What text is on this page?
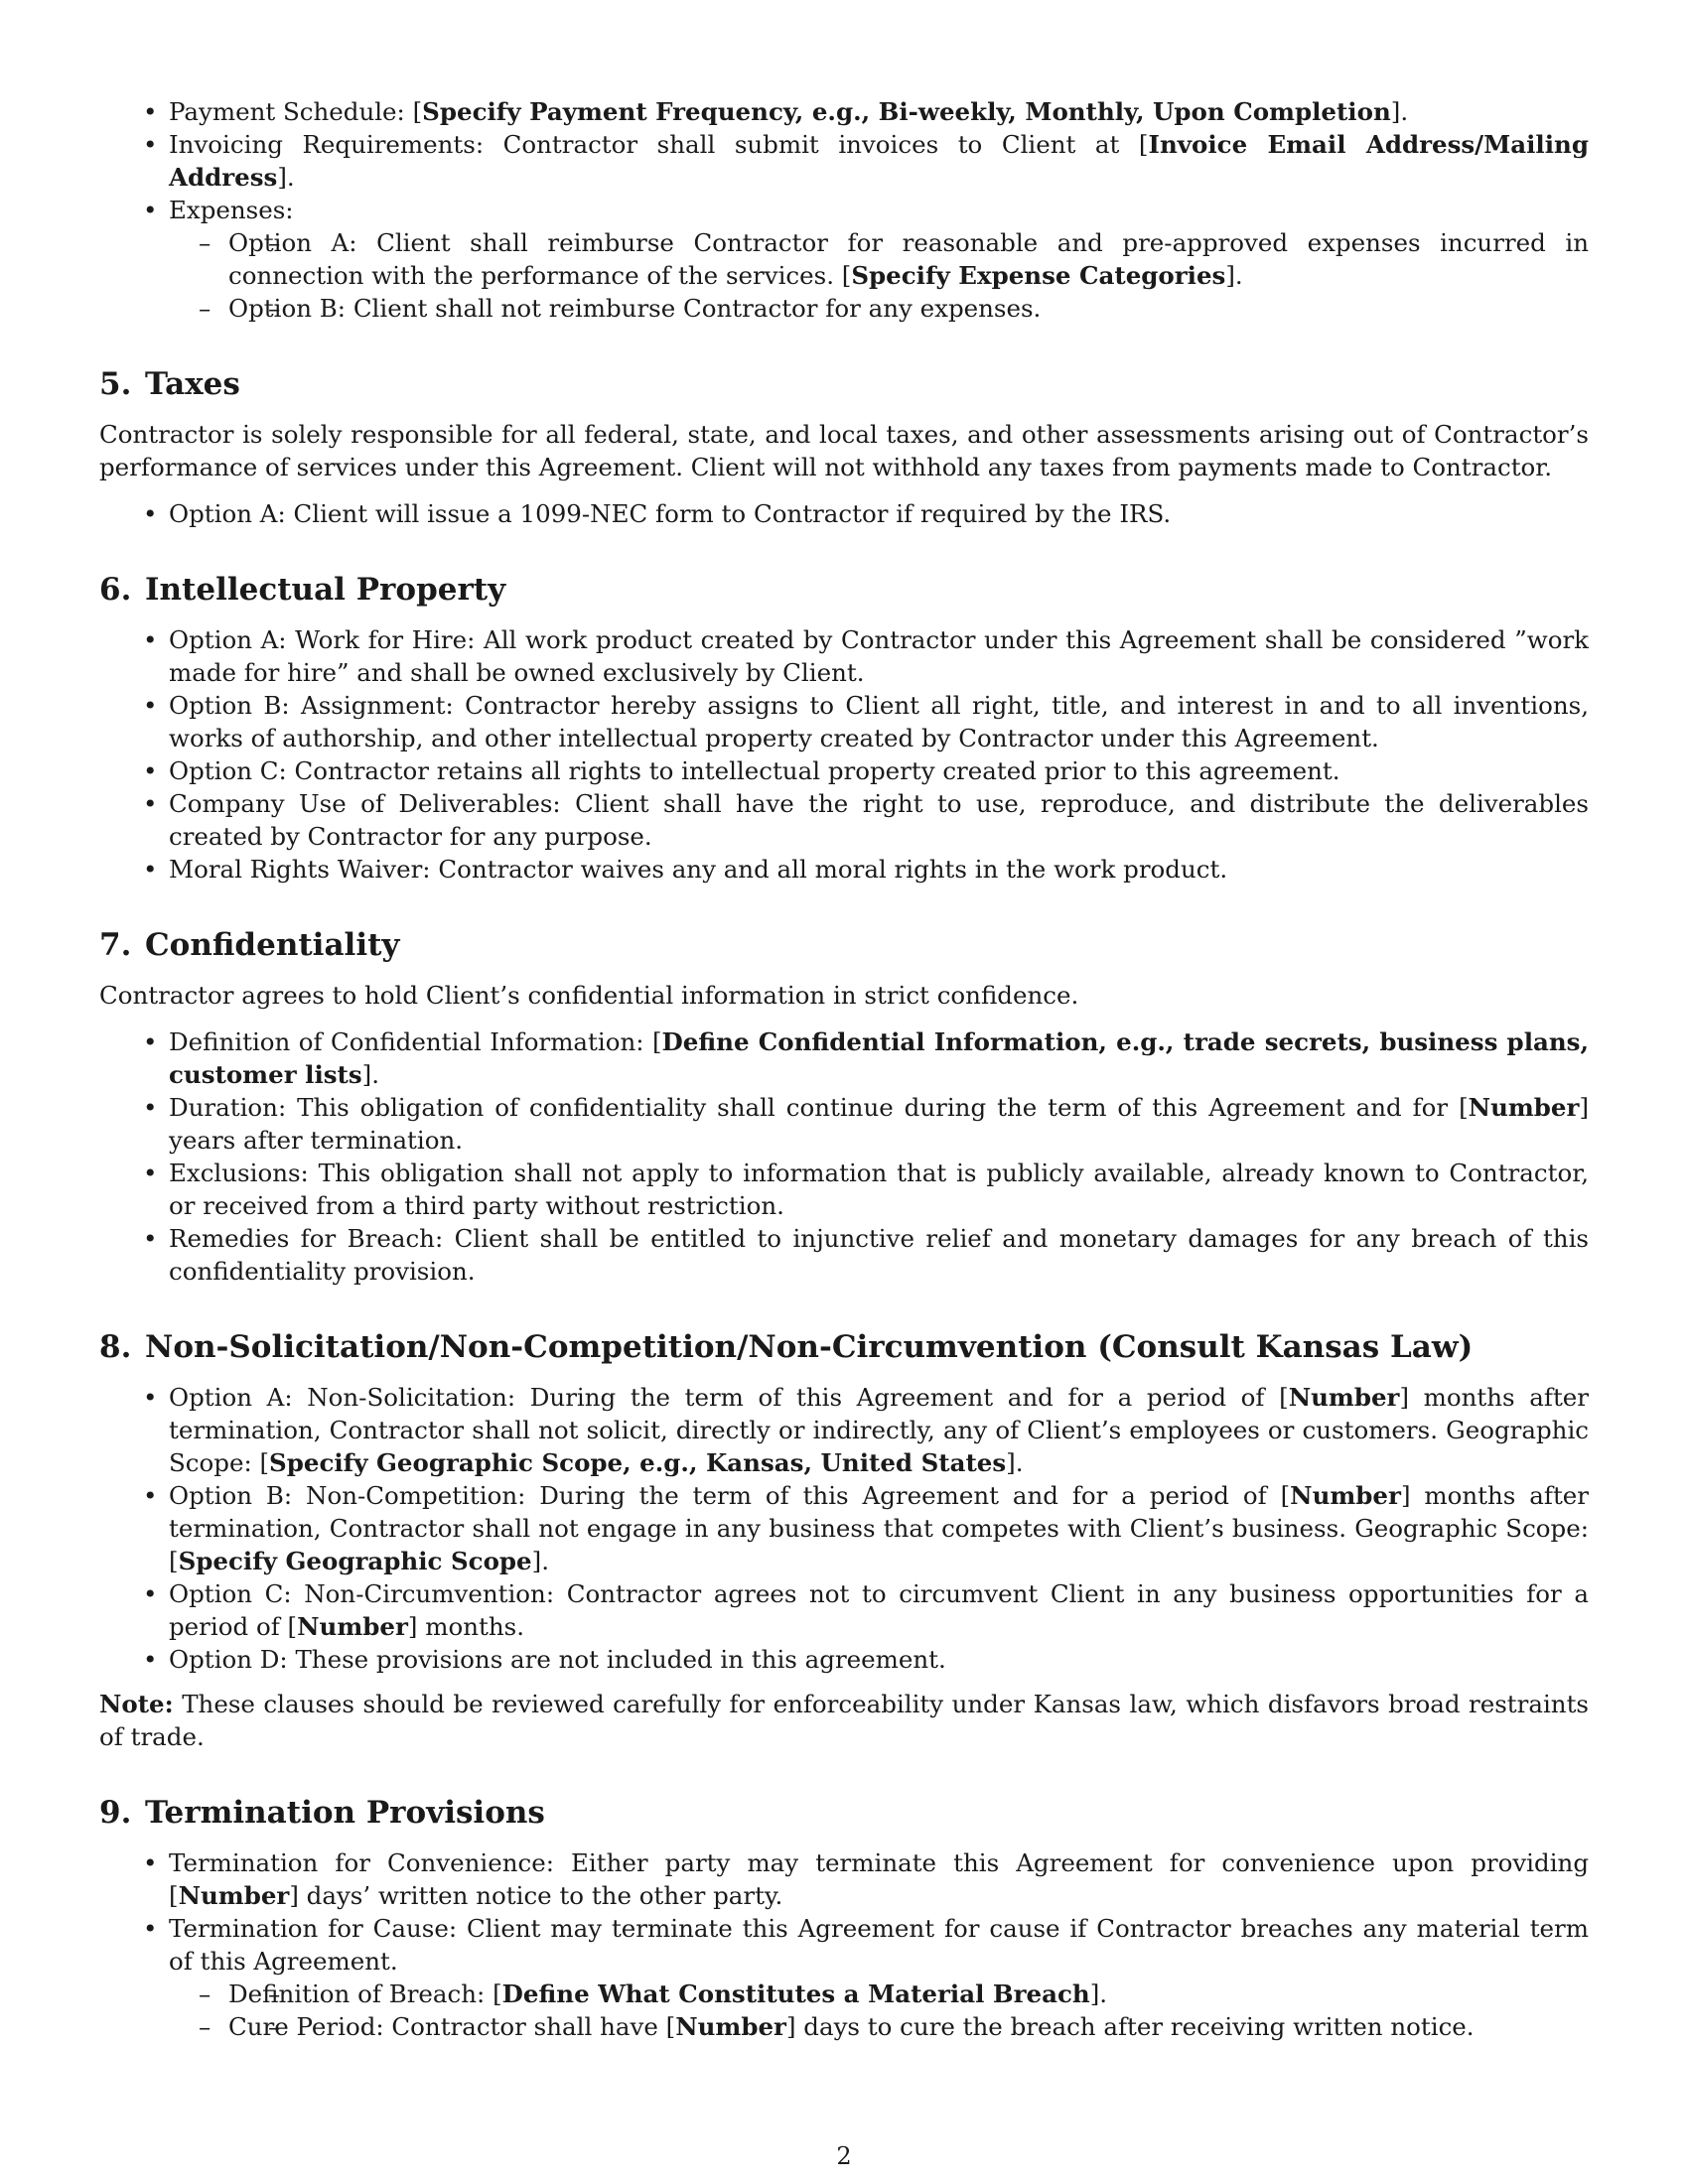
• Payment Schedule: [Specify Payment Frequency, e.g., Bi-weekly, Monthly, Upon Completion].
• Invoicing Requirements: Contractor shall submit invoices to Client at [Invoice Email Address/Mailing Address].
• Expenses:
– – Option A: Client shall reimburse Contractor for reasonable and pre-approved expenses incurred in connection with the performance of the services. [Specify Expense Categories].
– – Option B: Client shall not reimburse Contractor for any expenses.
5. Taxes

Contractor is solely responsible for all federal, state, and local taxes, and other assessments arising out of Contractor’s performance of services under this Agreement. Client will not withhold any taxes from payments made to Contractor.

• Option A: Client will issue a 1099-NEC form to Contractor if required by the IRS.
6. Intellectual Property
• Option A: Work for Hire: All work product created by Contractor under this Agreement shall be considered ”work made for hire” and shall be owned exclusively by Client.
• Option B: Assignment: Contractor hereby assigns to Client all right, title, and interest in and to all inventions, works of authorship, and other intellectual property created by Contractor under this Agreement.
• Option C: Contractor retains all rights to intellectual property created prior to this agreement.
• Company Use of Deliverables: Client shall have the right to use, reproduce, and distribute the deliverables created by Contractor for any purpose.
• Moral Rights Waiver: Contractor waives any and all moral rights in the work product.
7. Confidentiality

Contractor agrees to hold Client’s confidential information in strict confidence.

• Definition of Confidential Information: [Define Confidential Information, e.g., trade secrets, business plans, customer lists].
• Duration: This obligation of confidentiality shall continue during the term of this Agreement and for [Number] years after termination.
• Exclusions: This obligation shall not apply to information that is publicly available, already known to Contractor, or received from a third party without restriction.
• Remedies for Breach: Client shall be entitled to injunctive relief and monetary damages for any breach of this confidentiality provision.
8. Non-Solicitation/Non-Competition/Non-Circumvention (Consult Kansas Law)
• Option A: Non-Solicitation: During the term of this Agreement and for a period of [Number] months after termination, Contractor shall not solicit, directly or indirectly, any of Client’s employees or customers. Geographic Scope: [Specify Geographic Scope, e.g., Kansas, United States].
• Option B: Non-Competition: During the term of this Agreement and for a period of [Number] months after termination, Contractor shall not engage in any business that competes with Client’s business. Geographic Scope: [Specify Geographic Scope].
• Option C: Non-Circumvention: Contractor agrees not to circumvent Client in any business opportunities for a period of [Number] months.
• Option D: These provisions are not included in this agreement.

Note: These clauses should be reviewed carefully for enforceability under Kansas law, which disfavors broad restraints of trade.

9. Termination Provisions
• Termination for Convenience: Either party may terminate this Agreement for convenience upon providing [Number] days’ written notice to the other party.
• Termination for Cause: Client may terminate this Agreement for cause if Contractor breaches any material term of this Agreement.
– – Definition of Breach: [Define What Constitutes a Material Breach].
– – Cure Period: Contractor shall have [Number] days to cure the breach after receiving written notice.
2
